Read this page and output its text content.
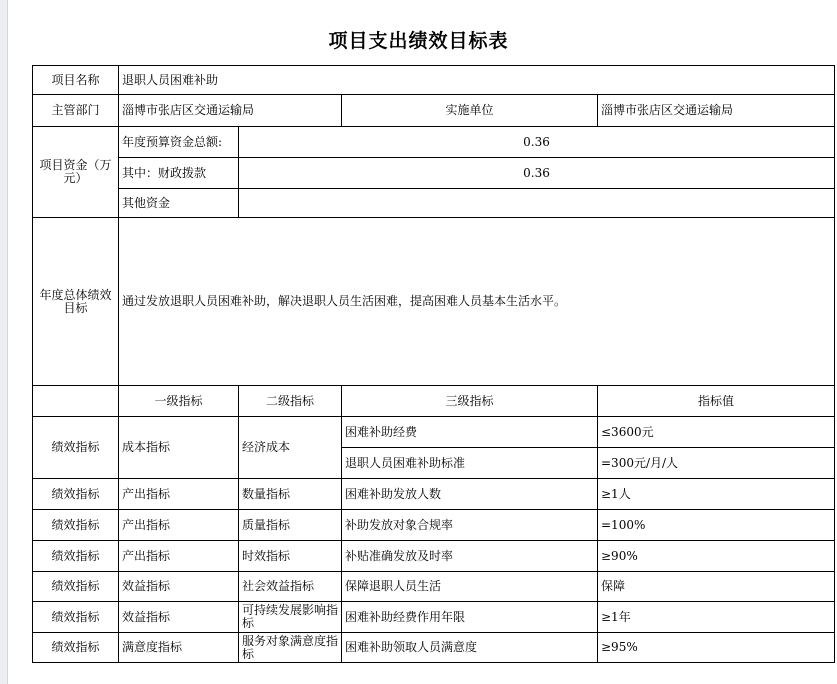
项目支出绩效目标表
项目名称	退职人员困难补助			
主管部门	淄博市张店区交通运输局		实施单位	淄博市张店区交通运输局
项目资金（万元）	年度预算资金总额:	0.36		
	其中：财政拨款	0.36		
	其他资金			
年度总体绩效目标	通过发放退职人员困难补助，解决退职人员生活困难，提高困难人员基本生活水平。			
	一级指标	二级指标	三级指标	指标值
绩效指标	成本指标	经济成本	困难补助经费	≤3600元
			退职人员困难补助标准	=300元/月/人
绩效指标	产出指标	数量指标	困难补助发放人数	≥1人
绩效指标	产出指标	质量指标	补助发放对象合规率	=100%
绩效指标	产出指标	时效指标	补贴准确发放及时率	≥90%
绩效指标	效益指标	社会效益指标	保障退职人员生活	保障
绩效指标	效益指标	可持续发展影响指标	困难补助经费作用年限	≥1年
绩效指标	满意度指标	服务对象满意度指标	困难补助领取人员满意度	≥95%
